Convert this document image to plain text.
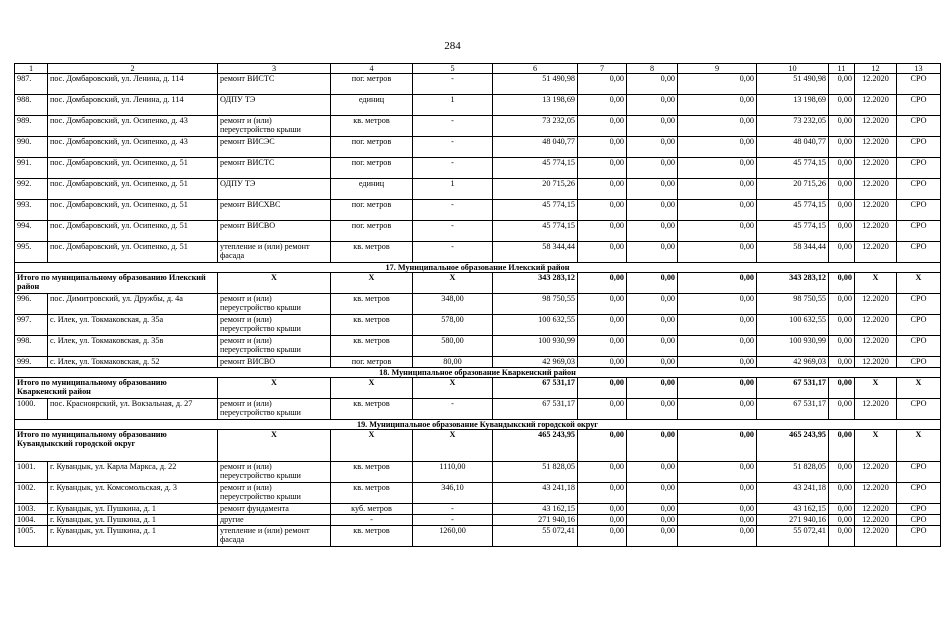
284
1	2	3	4	5	6	7	8	9	10	11	12	13
987.	пос. Домбаровский, ул. Ленина, д. 114	ремонт ВИСТС	пог. метров	-	51 490,98	0,00	0,00	0,00	51 490,98	0,00	12.2020	СРО
988.	пос. Домбаровский, ул. Ленина, д. 114	ОДПУ ТЭ	единиц	1	13 198,69	0,00	0,00	0,00	13 198,69	0,00	12.2020	СРО
989.	пос. Домбаровский, ул. Осипенко, д. 43	ремонт и (или) переустройство крыши	кв. метров	-	73 232,05	0,00	0,00	0,00	73 232,05	0,00	12.2020	СРО
990.	пос. Домбаровский, ул. Осипенко, д. 43	ремонт ВИСЭС	пог. метров	-	48 040,77	0,00	0,00	0,00	48 040,77	0,00	12.2020	СРО
991.	пос. Домбаровский, ул. Осипенко, д. 51	ремонт ВИСТС	пог. метров	-	45 774,15	0,00	0,00	0,00	45 774,15	0,00	12.2020	СРО
992.	пос. Домбаровский, ул. Осипенко, д. 51	ОДПУ ТЭ	единиц	1	20 715,26	0,00	0,00	0,00	20 715,26	0,00	12.2020	СРО
993.	пос. Домбаровский, ул. Осипенко, д. 51	ремонт ВИСХВС	пог. метров	-	45 774,15	0,00	0,00	0,00	45 774,15	0,00	12.2020	СРО
994.	пос. Домбаровский, ул. Осипенко, д. 51	ремонт ВИСВО	пог. метров	-	45 774,15	0,00	0,00	0,00	45 774,15	0,00	12.2020	СРО
995.	пос. Домбаровский, ул. Осипенко, д. 51	утепление и (или) ремонт фасада	кв. метров	-	58 344,44	0,00	0,00	0,00	58 344,44	0,00	12.2020	СРО
17. Муниципальное образование Илекский район												
Итого по муниципальному образованию Илекский район		X	X	X	343 283,12	0,00	0,00	0,00	343 283,12	0,00	X	X
996.	пос. Димитровский, ул. Дружбы, д. 4а	ремонт и (или) переустройство крыши	кв. метров	348,00	98 750,55	0,00	0,00	0,00	98 750,55	0,00	12.2020	СРО
997.	с. Илек, ул. Токмаковская, д. 35а	ремонт и (или) переустройство крыши	кв. метров	578,00	100 632,55	0,00	0,00	0,00	100 632,55	0,00	12.2020	СРО
998.	с. Илек, ул. Токмаковская, д. 35в	ремонт и (или) переустройство крыши	кв. метров	580,00	100 930,99	0,00	0,00	0,00	100 930,99	0,00	12.2020	СРО
999.	с. Илек, ул. Токмаковская, д. 52	ремонт ВИСВО	пог. метров	80,00	42 969,03	0,00	0,00	0,00	42 969,03	0,00	12.2020	СРО
18. Муниципальное образование Кваркенский район												
Итого по муниципальному образованию Кваркенский район		X	X	X	67 531,17	0,00	0,00	0,00	67 531,17	0,00	X	X
1000.	пос. Красноярский, ул. Вокзальная, д. 27	ремонт и (или) переустройство крыши	кв. метров	-	67 531,17	0,00	0,00	0,00	67 531,17	0,00	12.2020	СРО
19. Муниципальное образование Кувандыкский городской округ												
Итого по муниципальному образованию Кувандыкский городской округ		X	X	X	465 243,95	0,00	0,00	0,00	465 243,95	0,00	X	X
1001.	г. Кувандык, ул. Карла Маркса, д. 22	ремонт и (или) переустройство крыши	кв. метров	1110,00	51 828,05	0,00	0,00	0,00	51 828,05	0,00	12.2020	СРО
1002.	г. Кувандык, ул. Комсомольская, д. 3	ремонт и (или) переустройство крыши	кв. метров	346,10	43 241,18	0,00	0,00	0,00	43 241,18	0,00	12.2020	СРО
1003.	г. Кувандык, ул. Пушкина, д. 1	ремонт фундамента	куб. метров	-	43 162,15	0,00	0,00	0,00	43 162,15	0,00	12.2020	СРО
1004.	г. Кувандык, ул. Пушкина, д. 1	другие	-	-	271 940,16	0,00	0,00	0,00	271 940,16	0,00	12.2020	СРО
1005.	г. Кувандык, ул. Пушкина, д. 1	утепление и (или) ремонт фасада	кв. метров	1260,00	55 072,41	0,00	0,00	0,00	55 072,41	0,00	12.2020	СРО
